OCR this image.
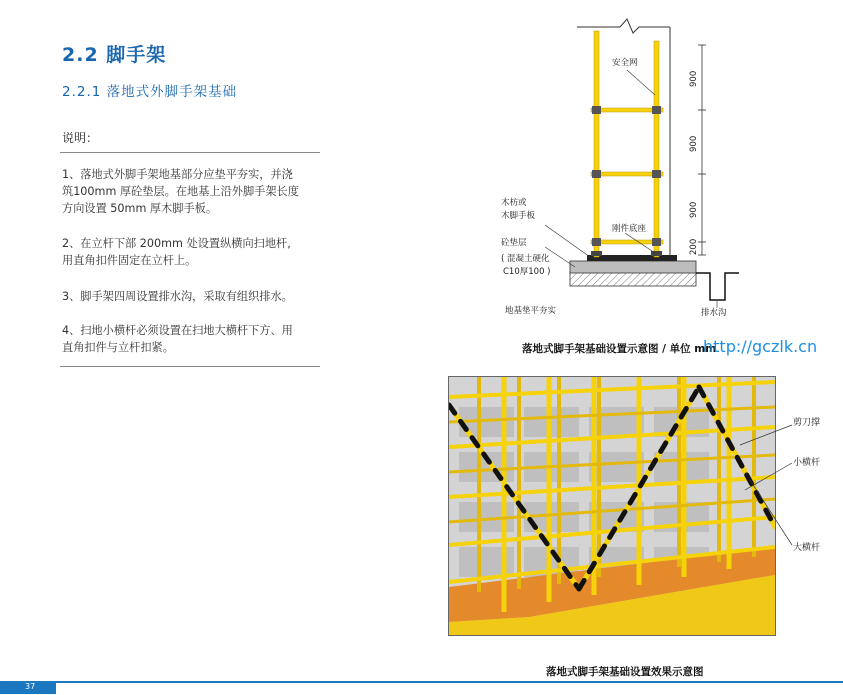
2.2 脚手架
2.2.1 落地式外脚手架基础
说明：
1、落地式外脚手架地基部分应垫平夯实，并浇
筑100mm 厚砼垫层。在地基上沿外脚手架长度
方向设置 50mm 厚木脚手板。
2、在立杆下部 200mm 处设置纵横向扫地杆,
用直角扣件固定在立杆上。
3、脚手架四周设置排水沟，采取有组织排水。
4、扫地小横杆必须设置在扫地大横杆下方、用
直角扣件与立杆扣紧。
900
900
900
200
安全网
木枋或
木脚手板
刚件底座
砼垫层
( 混凝土硬化
C10厚100 )
地基垫平夯实	排水沟
落地式脚手架基础设置示意图 / 单位 mm
http://gczlk.cn
剪刀撑
小横杆
大横杆
落地式脚手架基础设置效果示意图
37
